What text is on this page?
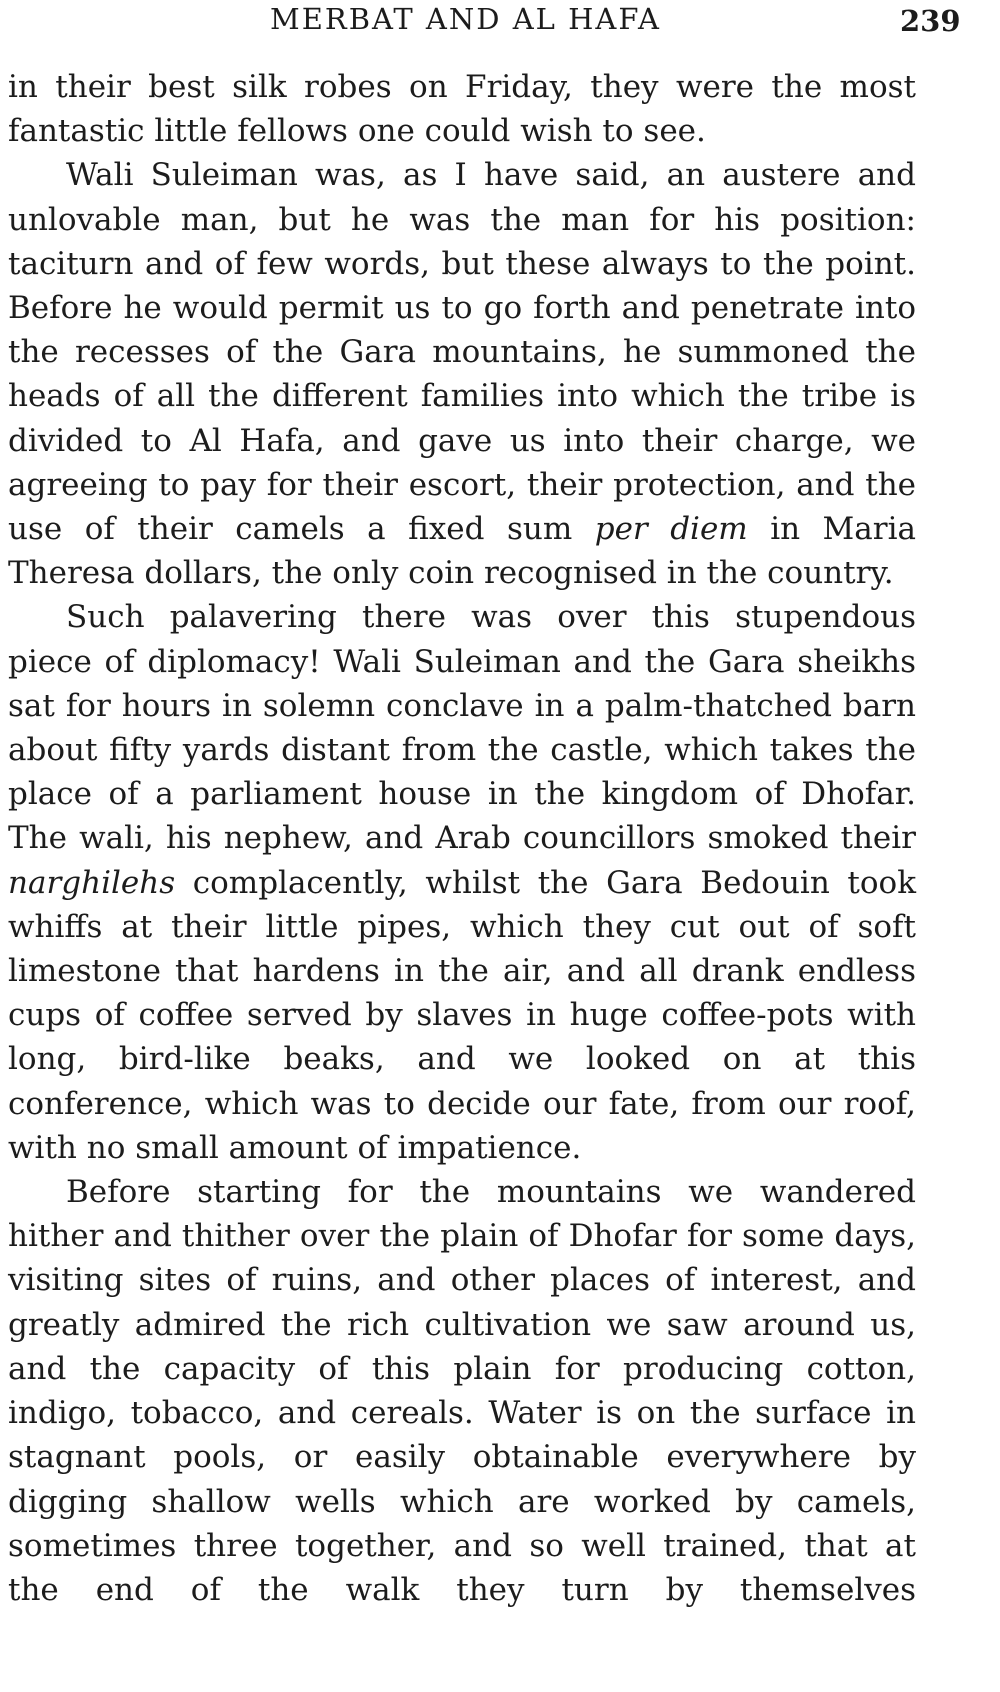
MERBAT AND AL HAFA	239

in their best silk robes on Friday, they were the most fantastic little fellows one could wish to see.

Wali Suleiman was, as I have said, an austere and unlovable man, but he was the man for his position: taciturn and of few words, but these always to the point. Before he would permit us to go forth and penetrate into the recesses of the Gara mountains, he summoned the heads of all the different families into which the tribe is divided to Al Hafa, and gave us into their charge, we agreeing to pay for their escort, their protection, and the use of their camels a fixed sum per diem in Maria Theresa dollars, the only coin recognised in the country.

Such palavering there was over this stupendous piece of diplomacy! Wali Suleiman and the Gara sheikhs sat for hours in solemn conclave in a palm-thatched barn about fifty yards distant from the castle, which takes the place of a parliament house in the kingdom of Dhofar. The wali, his nephew, and Arab councillors smoked their narghilehs complacently, whilst the Gara Bedouin took whiffs at their little pipes, which they cut out of soft limestone that hardens in the air, and all drank endless cups of coffee served by slaves in huge coffee-pots with long, bird-like beaks, and we looked on at this conference, which was to decide our fate, from our roof, with no small amount of impatience.

Before starting for the mountains we wandered hither and thither over the plain of Dhofar for some days, visiting sites of ruins, and other places of interest, and greatly admired the rich cultivation we saw around us, and the capacity of this plain for producing cotton, indigo, tobacco, and cereals. Water is on the surface in stagnant pools, or easily obtainable everywhere by digging shallow wells which are worked by camels, sometimes three together, and so well trained, that at the end of the walk they turn by themselves
